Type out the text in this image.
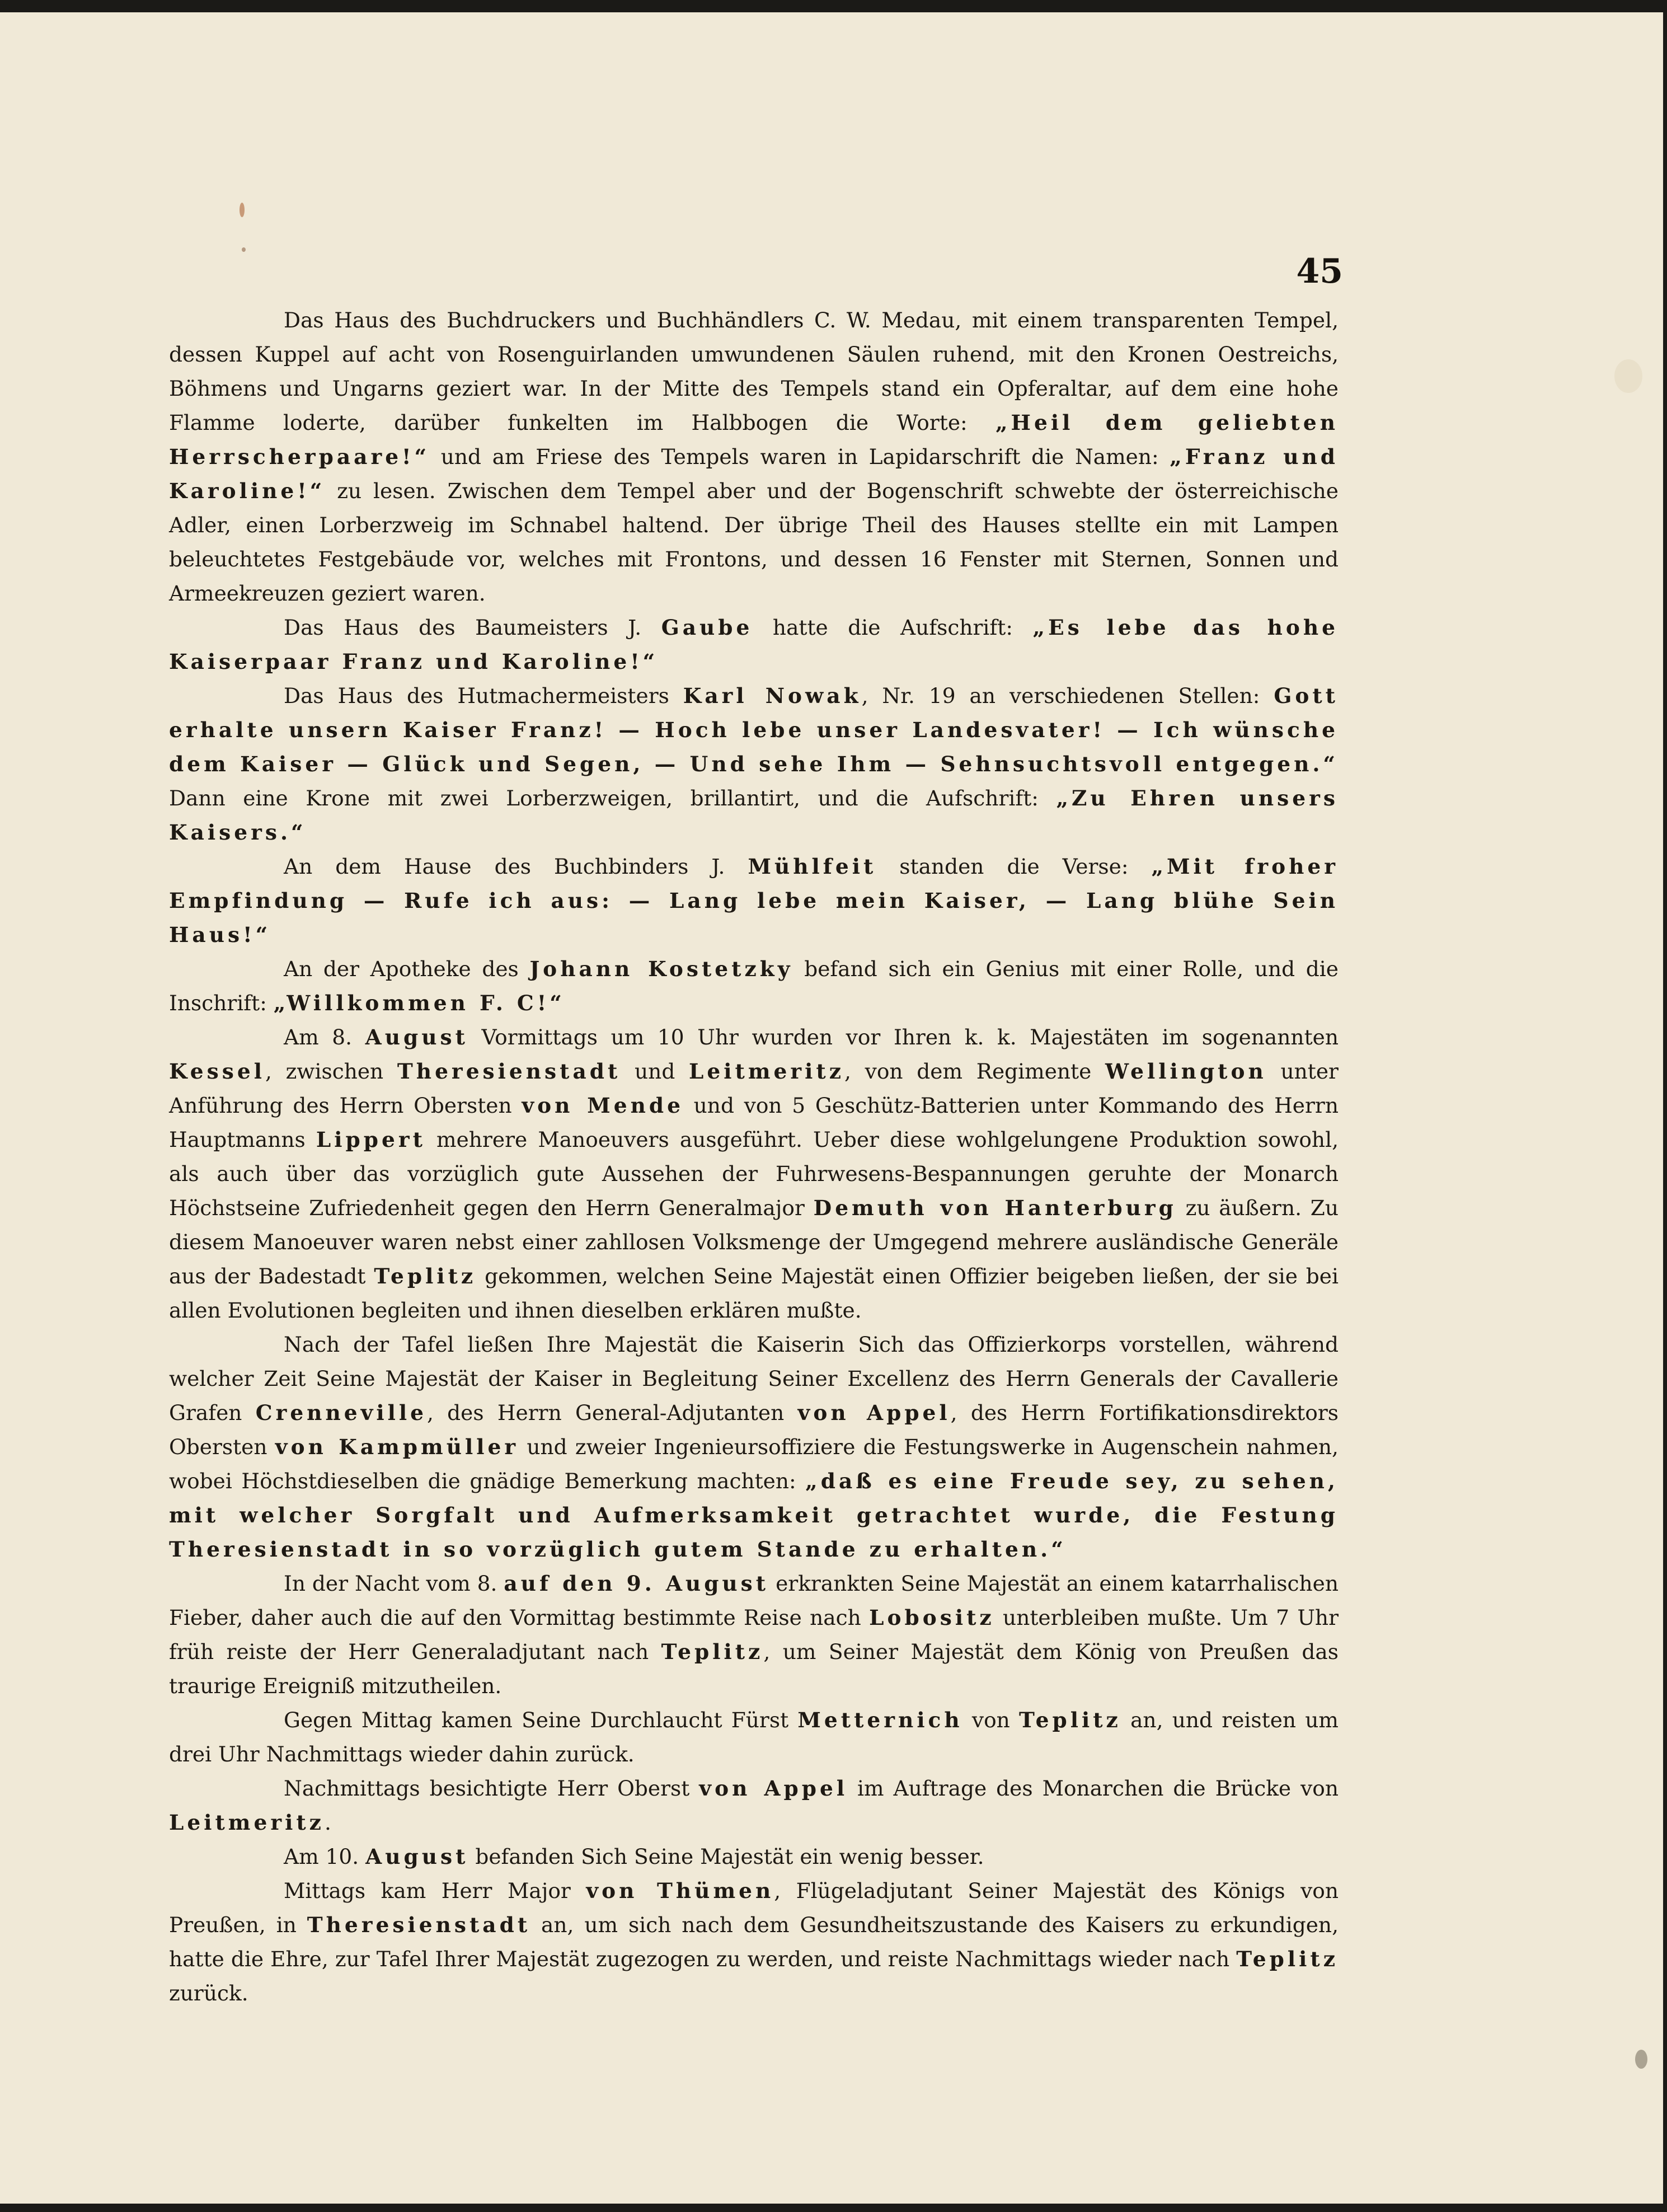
45

Das Haus des Buchdruckers und Buchhändlers C. W. Medau, mit einem transparenten Tempel, dessen Kuppel auf acht von Rosenguirlanden umwundenen Säulen ruhend, mit den Kronen Oestreichs, Böhmens und Ungarns geziert war. In der Mitte des Tempels stand ein Opferaltar, auf dem eine hohe Flamme loderte, darüber funkelten im Halbbogen die Worte: „Heil dem geliebten Herrscherpaare!“ und am Friese des Tempels waren in Lapidarschrift die Namen: „Franz und Karoline!“ zu lesen. Zwischen dem Tempel aber und der Bogenschrift schwebte der österreichische Adler, einen Lorberzweig im Schnabel haltend. Der übrige Theil des Hauses stellte ein mit Lampen beleuchtetes Festgebäude vor, welches mit Frontons, und dessen 16 Fenster mit Sternen, Sonnen und Armeekreuzen geziert waren.

Das Haus des Baumeisters J. Gaube hatte die Aufschrift: „Es lebe das hohe Kaiserpaar Franz und Karoline!“

Das Haus des Hutmachermeisters Karl Nowak, Nr. 19 an verschiedenen Stellen: Gott erhalte unsern Kaiser Franz! — Hoch lebe unser Landesvater! — Ich wünsche dem Kaiser — Glück und Segen, — Und sehe Ihm — Sehnsuchtsvoll entgegen.“ Dann eine Krone mit zwei Lorberzweigen, brillantirt, und die Aufschrift: „Zu Ehren unsers Kaisers.“

An dem Hause des Buchbinders J. Mühlfeit standen die Verse: „Mit froher Empfindung — Rufe ich aus: — Lang lebe mein Kaiser, — Lang blühe Sein Haus!“

An der Apotheke des Johann Kostetzky befand sich ein Genius mit einer Rolle, und die Inschrift: „Willkommen F. C!“

Am 8. August Vormittags um 10 Uhr wurden vor Ihren k. k. Majestäten im sogenannten Kessel, zwischen Theresienstadt und Leitmeritz, von dem Regimente Wellington unter Anführung des Herrn Obersten von Mende und von 5 Geschütz-Batterien unter Kommando des Herrn Hauptmanns Lippert mehrere Manoeuvers ausgeführt. Ueber diese wohlgelungene Produktion sowohl, als auch über das vorzüglich gute Aussehen der Fuhrwesens-Bespannungen geruhte der Monarch Höchstseine Zufriedenheit gegen den Herrn Generalmajor Demuth von Hanterburg zu äußern. Zu diesem Manoeuver waren nebst einer zahllosen Volksmenge der Umgegend mehrere ausländische Generäle aus der Badestadt Teplitz gekommen, welchen Seine Majestät einen Offizier beigeben ließen, der sie bei allen Evolutionen begleiten und ihnen dieselben erklären mußte.

Nach der Tafel ließen Ihre Majestät die Kaiserin Sich das Offizierkorps vorstellen, während welcher Zeit Seine Majestät der Kaiser in Begleitung Seiner Excellenz des Herrn Generals der Cavallerie Grafen Crenneville, des Herrn General-Adjutanten von Appel, des Herrn Fortifikationsdirektors Obersten von Kampmüller und zweier Ingenieursoffiziere die Festungswerke in Augenschein nahmen, wobei Höchstdieselben die gnädige Bemerkung machten: „daß es eine Freude sey, zu sehen, mit welcher Sorgfalt und Aufmerksamkeit getrachtet wurde, die Festung Theresienstadt in so vorzüglich gutem Stande zu erhalten.“

In der Nacht vom 8. auf den 9. August erkrankten Seine Majestät an einem katarrhalischen Fieber, daher auch die auf den Vormittag bestimmte Reise nach Lobositz unterbleiben mußte. Um 7 Uhr früh reiste der Herr Generaladjutant nach Teplitz, um Seiner Majestät dem König von Preußen das traurige Ereigniß mitzutheilen.

Gegen Mittag kamen Seine Durchlaucht Fürst Metternich von Teplitz an, und reisten um drei Uhr Nachmittags wieder dahin zurück.

Nachmittags besichtigte Herr Oberst von Appel im Auftrage des Monarchen die Brücke von Leitmeritz.

Am 10. August befanden Sich Seine Majestät ein wenig besser.

Mittags kam Herr Major von Thümen, Flügeladjutant Seiner Majestät des Königs von Preußen, in Theresienstadt an, um sich nach dem Gesundheitszustande des Kaisers zu erkundigen, hatte die Ehre, zur Tafel Ihrer Majestät zugezogen zu werden, und reiste Nachmittags wieder nach Teplitz zurück.
